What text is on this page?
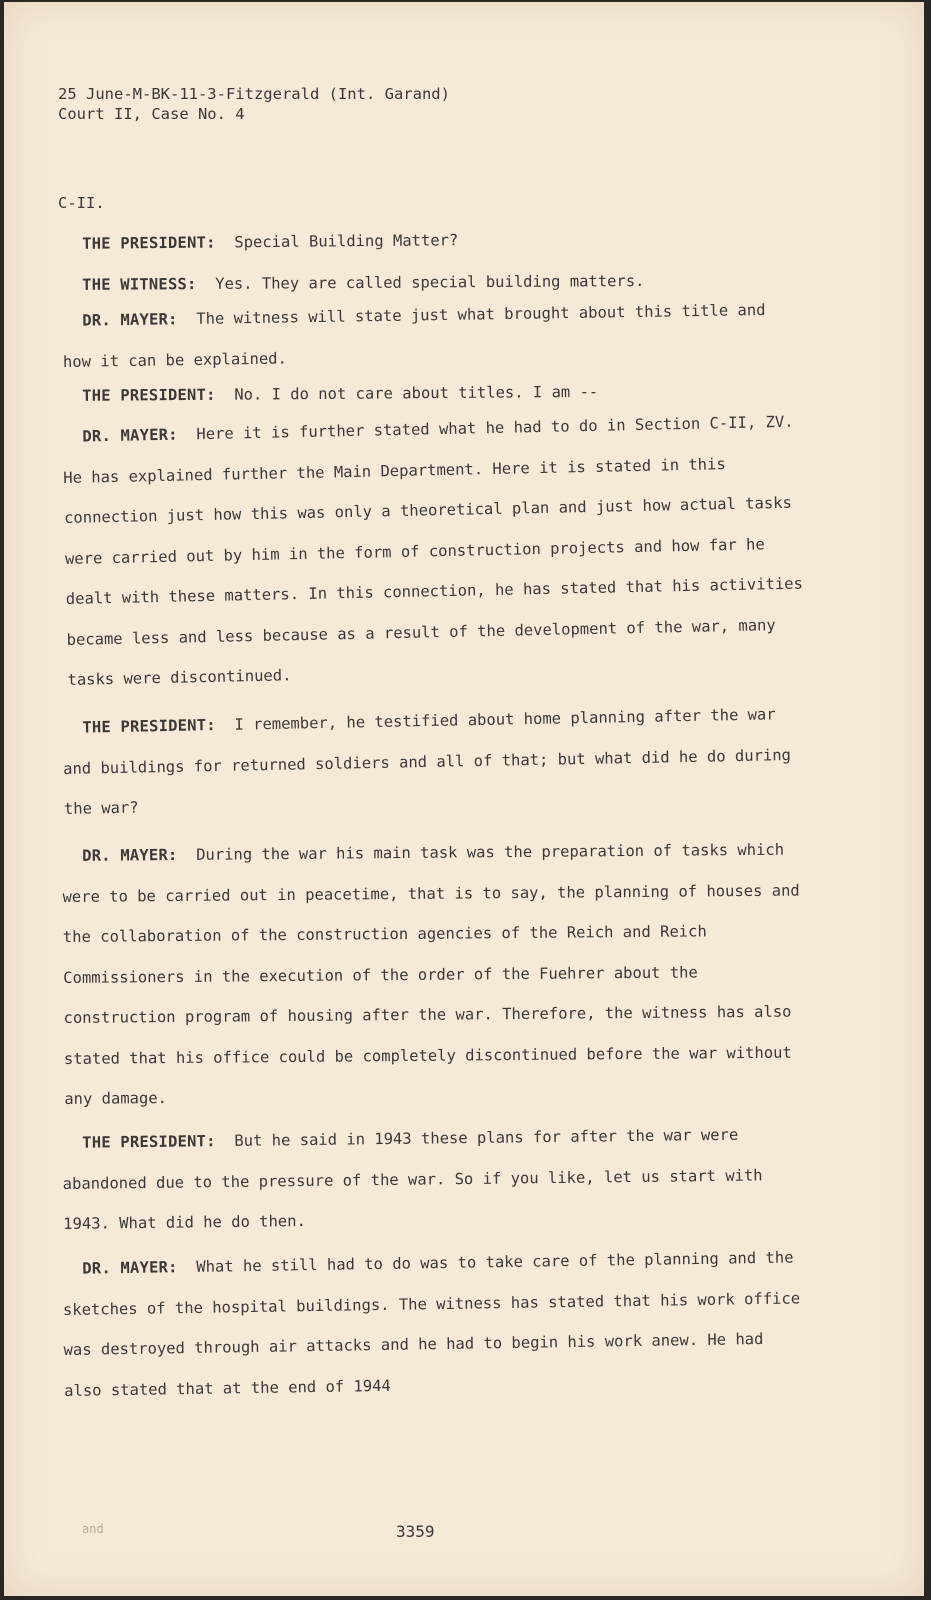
25 June-M-BK-11-3-Fitzgerald (Int. Garand)
Court II, Case No. 4
C-II.

THE PRESIDENT: Special Building Matter?

THE WITNESS: Yes. They are called special building matters.

DR. MAYER: The witness will state just what brought about this title and how it can be explained.

THE PRESIDENT: No. I do not care about titles. I am --

DR. MAYER: Here it is further stated what he had to do in Section C-II, ZV. He has explained further the Main Department. Here it is stated in this connection just how this was only a theoretical plan and just how actual tasks were carried out by him in the form of construction projects and how far he dealt with these matters. In this connection, he has stated that his activities became less and less because as a result of the development of the war, many tasks were discontinued.

THE PRESIDENT: I remember, he testified about home planning after the war and buildings for returned soldiers and all of that; but what did he do during the war?

DR. MAYER: During the war his main task was the preparation of tasks which were to be carried out in peacetime, that is to say, the planning of houses and the collaboration of the construction agencies of the Reich and Reich Commissioners in the execution of the order of the Fuehrer about the construction program of housing after the war. Therefore, the witness has also stated that his office could be completely discontinued before the war without any damage.

THE PRESIDENT: But he said in 1943 these plans for after the war were abandoned due to the pressure of the war. So if you like, let us start with 1943. What did he do then.

DR. MAYER: What he still had to do was to take care of the planning and the sketches of the hospital buildings. The witness has stated that his work office was destroyed through air attacks and he had to begin his work anew. He had also stated that at the end of 1944

and	3359
